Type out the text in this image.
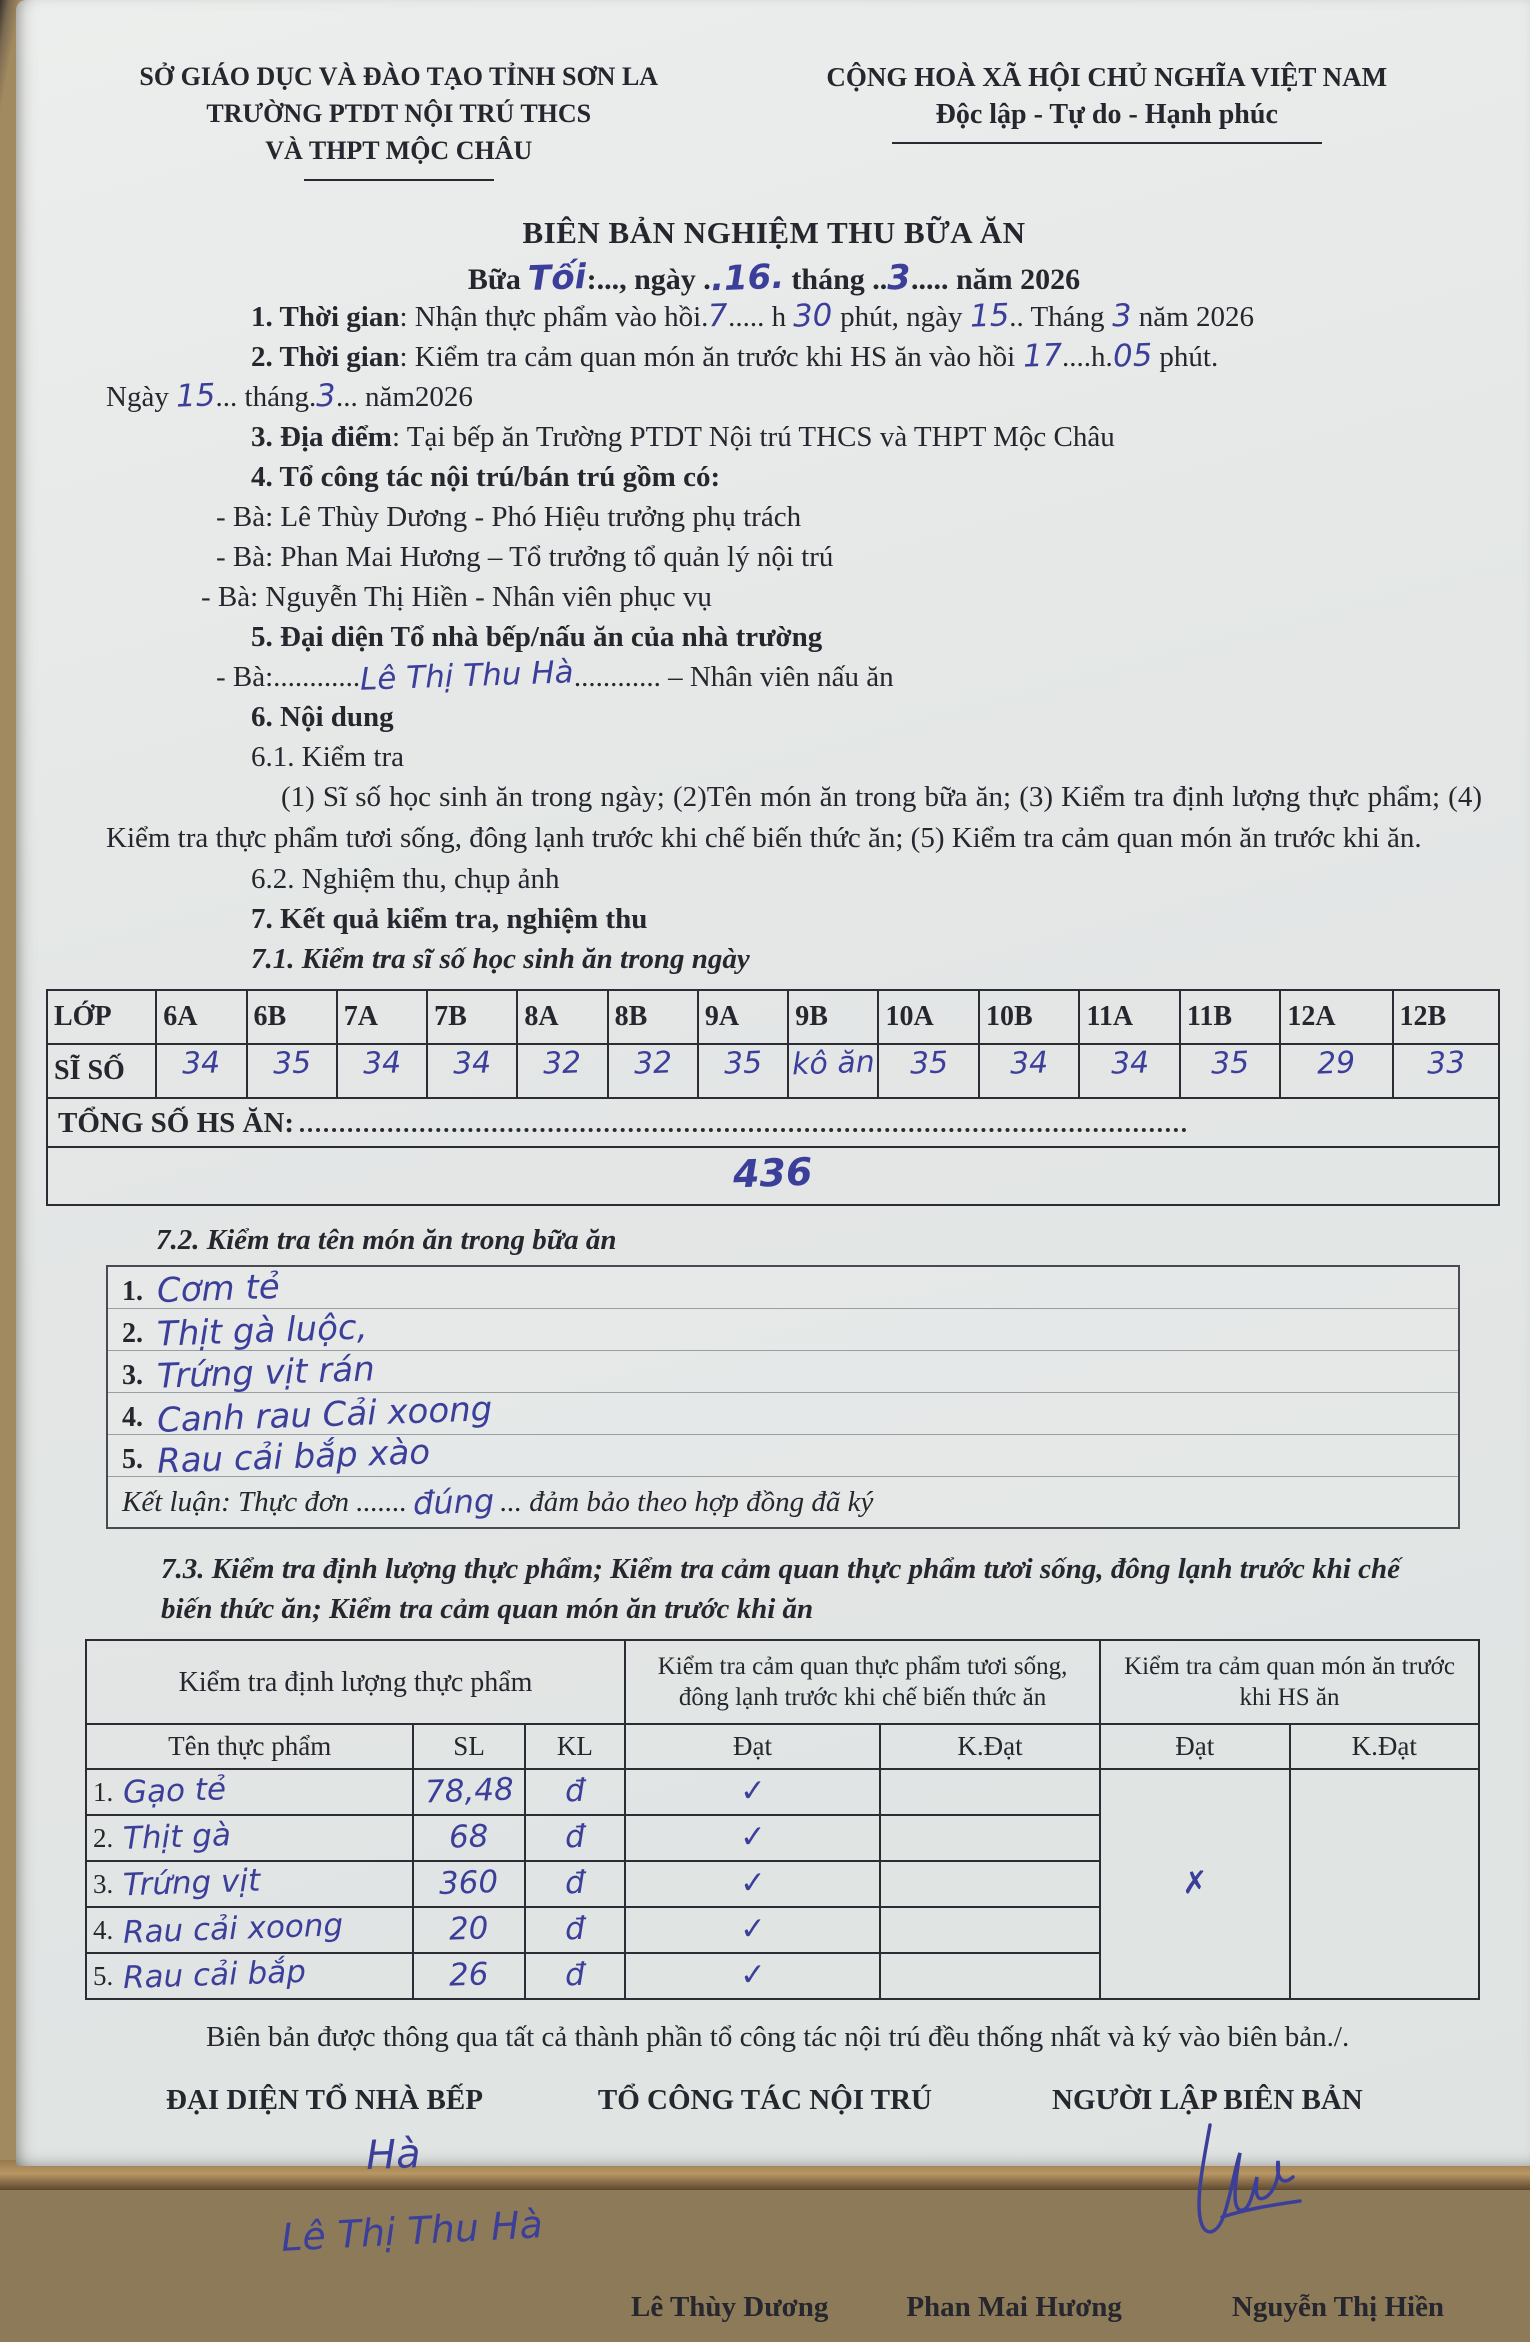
SỞ GIÁO DỤC VÀ ĐÀO TẠO TỈNH SƠN LA
TRƯỜNG PTDT NỘI TRÚ THCS
VÀ THPT MỘC CHÂU
CỘNG HOÀ XÃ HỘI CHỦ NGHĨA VIỆT NAM
Độc lập - Tự do - Hạnh phúc
BIÊN BẢN NGHIỆM THU BỮA ĂN
Bữa Tối:..., ngày ..16. tháng ..3..... năm 2026
1. Thời gian: Nhận thực phẩm vào hồi.7..... h 30 phút, ngày 15.. Tháng 3 năm 2026
2. Thời gian: Kiểm tra cảm quan món ăn trước khi HS ăn vào hồi 17....h.05 phút.
Ngày 15... tháng.3... năm2026
3. Địa điểm: Tại bếp ăn Trường PTDT Nội trú THCS và THPT Mộc Châu
4. Tổ công tác nội trú/bán trú gồm có:
- Bà: Lê Thùy Dương - Phó Hiệu trưởng phụ trách
- Bà: Phan Mai Hương – Tổ trưởng tổ quản lý nội trú
- Bà: Nguyễn Thị Hiền - Nhân viên phục vụ
5. Đại diện Tổ nhà bếp/nấu ăn của nhà trường
- Bà:............Lê Thị Thu Hà............ – Nhân viên nấu ăn
6. Nội dung
6.1. Kiểm tra
(1) Sĩ số học sinh ăn trong ngày; (2)Tên món ăn trong bữa ăn; (3) Kiểm tra định lượng thực phẩm; (4) Kiểm tra thực phẩm tươi sống, đông lạnh trước khi chế biến thức ăn; (5) Kiểm tra cảm quan món ăn trước khi ăn.
6.2. Nghiệm thu, chụp ảnh
7. Kết quả kiểm tra, nghiệm thu
7.1. Kiểm tra sĩ số học sinh ăn trong ngày
LỚP	6A	6B	7A	7B	8A	8B	9A	9B	10A	10B	11A	11B	12A	12B
SĨ SỐ	34	35	34	34	32	32	35	kô ăn	35	34	34	35	29	33

TỔNG SỐ HS ĂN:
436														
7.2. Kiểm tra tên món ăn trong bữa ăn
1. Cơm tẻ
2. Thịt gà luộc,
3. Trứng vịt rán
4. Canh rau Cải xoong
5. Rau cải bắp xào
Kết luận: Thực đơn ....... đúng ... đảm bảo theo hợp đồng đã ký
7.3. Kiểm tra định lượng thực phẩm; Kiểm tra cảm quan thực phẩm tươi sống, đông lạnh trước khi chế
biến thức ăn; Kiểm tra cảm quan món ăn trước khi ăn
Kiểm tra định lượng thực phẩm			Kiểm tra cảm quan thực phẩm tươi sống, đông lạnh trước khi chế biến thức ăn		Kiểm tra cảm quan món ăn trước khi HS ăn	
Tên thực phẩm	SL	KL	Đạt	K.Đạt	Đạt	K.Đạt
1. Gạo tẻ	78,48	đ	✓		✗	
2. Thịt gà	68	đ	✓			
3. Trứng vịt	360	đ	✓			
4. Rau cải xoong	20	đ	✓			
5. Rau cải bắp	26	đ	✓			
Biên bản được thông qua tất cả thành phần tổ công tác nội trú đều thống nhất và ký vào biên bản./.
ĐẠI DIỆN TỔ NHÀ BẾP	TỔ CÔNG TÁC NỘI TRÚ	NGƯỜI LẬP BIÊN BẢN
Hà
Lê Thị Thu Hà
Lê Thùy Dương	Phan Mai Hương	Nguyễn Thị Hiền
